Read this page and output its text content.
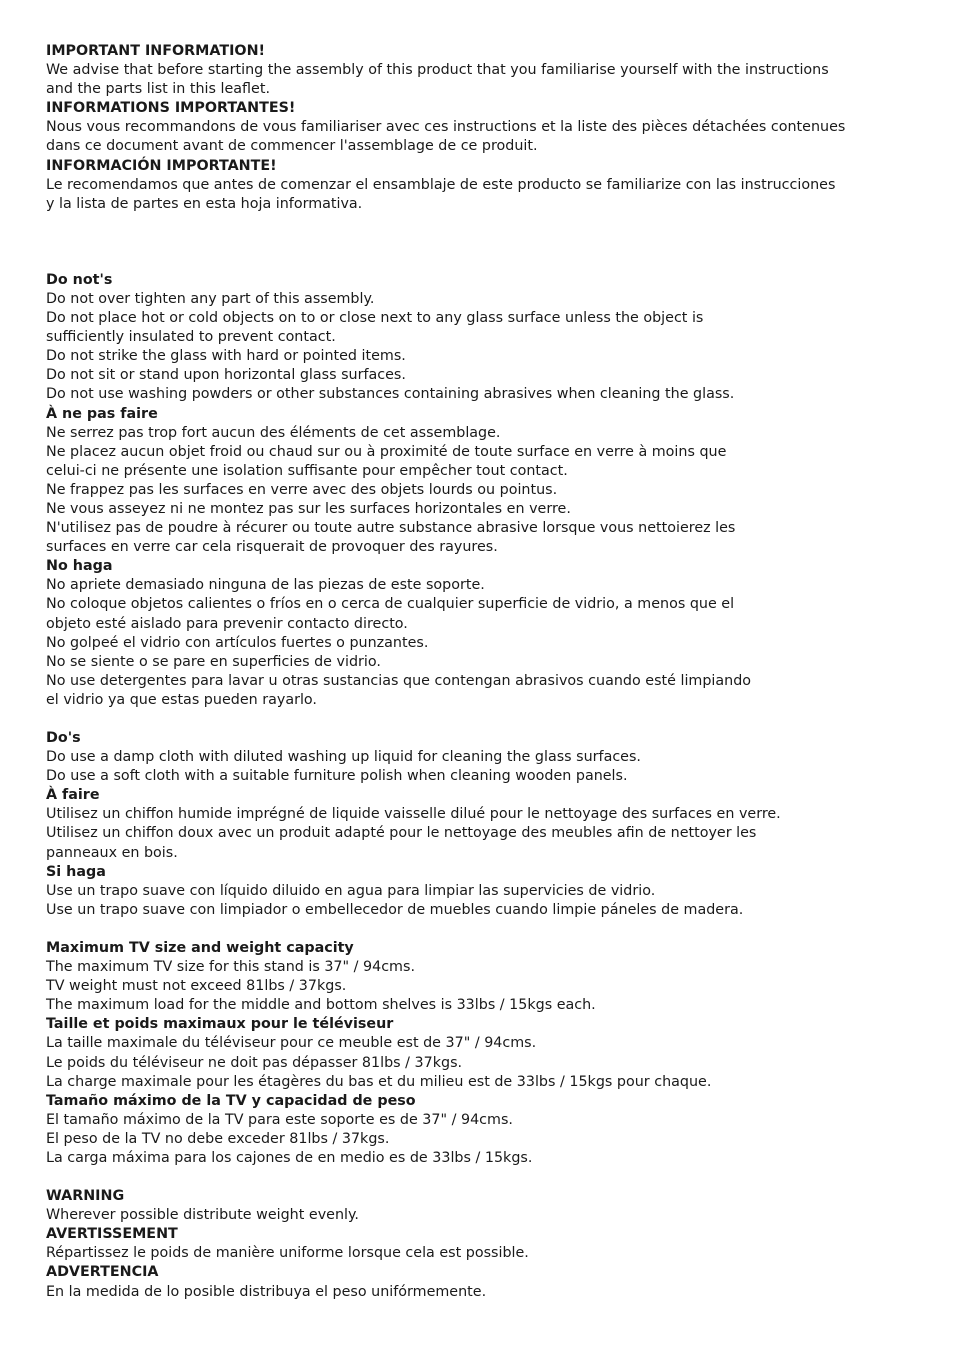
IMPORTANT INFORMATION!
We advise that before starting the assembly of this product that you familiarise yourself with the instructions
and the parts list in this leaflet.
INFORMATIONS IMPORTANTES!
Nous vous recommandons de vous familiariser avec ces instructions et la liste des pièces détachées contenues
dans ce document avant de commencer l'assemblage de ce produit.
INFORMACIÓN IMPORTANTE!
Le recomendamos que antes de comenzar el ensamblaje de este producto se familiarize con las instrucciones
y la lista de partes en esta hoja informativa.
Do not's
Do not over tighten any part of this assembly.
Do not place hot or cold objects on to or close next to any glass surface unless the object is
sufficiently insulated to prevent contact.
Do not strike the glass with hard or pointed items.
Do not sit or stand upon horizontal glass surfaces.
Do not use washing powders or other substances containing abrasives when cleaning the glass.
À ne pas faire
Ne serrez pas trop fort aucun des éléments de cet assemblage.
Ne placez aucun objet froid ou chaud sur ou à proximité de toute surface en verre à moins que
celui-ci ne présente une isolation suffisante pour empêcher tout contact.
Ne frappez pas les surfaces en verre avec des objets lourds ou pointus.
Ne vous asseyez ni ne montez pas sur les surfaces horizontales en verre.
N'utilisez pas de poudre à récurer ou toute autre substance abrasive lorsque vous nettoierez les
surfaces en verre car cela risquerait de provoquer des rayures.
No haga
No apriete demasiado ninguna de las piezas de este soporte.
No coloque objetos calientes o fríos en o cerca de cualquier superficie de vidrio, a menos que el
objeto esté aislado para prevenir contacto directo.
No golpeé el vidrio con artículos fuertes o punzantes.
No se siente o se pare en superficies de vidrio.
No use detergentes para lavar u otras sustancias que contengan abrasivos cuando esté limpiando
el vidrio ya que estas pueden rayarlo.
Do's
Do use a damp cloth with diluted washing up liquid for cleaning the glass surfaces.
Do use a soft cloth with a suitable furniture polish when cleaning wooden panels.
À faire
Utilisez un chiffon humide imprégné de liquide vaisselle dilué pour le nettoyage des surfaces en verre.
Utilisez un chiffon doux avec un produit adapté pour le nettoyage des meubles afin de nettoyer les
panneaux en bois.
Si haga
Use un trapo suave con líquido diluido en agua para limpiar las supervicies de vidrio.
Use un trapo suave con limpiador o embellecedor de muebles cuando limpie páneles de madera.
Maximum TV size and weight capacity
The maximum TV size for this stand is 37" / 94cms.
TV weight must not exceed 81lbs / 37kgs.
The maximum load for the middle and bottom shelves is 33lbs / 15kgs each.
Taille et poids maximaux pour le téléviseur
La taille maximale du téléviseur pour ce meuble est de 37" / 94cms.
Le poids du téléviseur ne doit pas dépasser 81lbs / 37kgs.
La charge maximale pour les étagères du bas et du milieu est de 33lbs / 15kgs pour chaque.
Tamaño máximo de la TV y capacidad de peso
El tamaño máximo de la TV para este soporte es de 37" / 94cms.
El peso de la TV no debe exceder 81lbs / 37kgs.
La carga máxima para los cajones de en medio es de 33lbs / 15kgs.
WARNING
Wherever possible distribute weight evenly.
AVERTISSEMENT
Répartissez le poids de manière uniforme lorsque cela est possible.
ADVERTENCIA
En la medida de lo posible distribuya el peso unifórmemente.
